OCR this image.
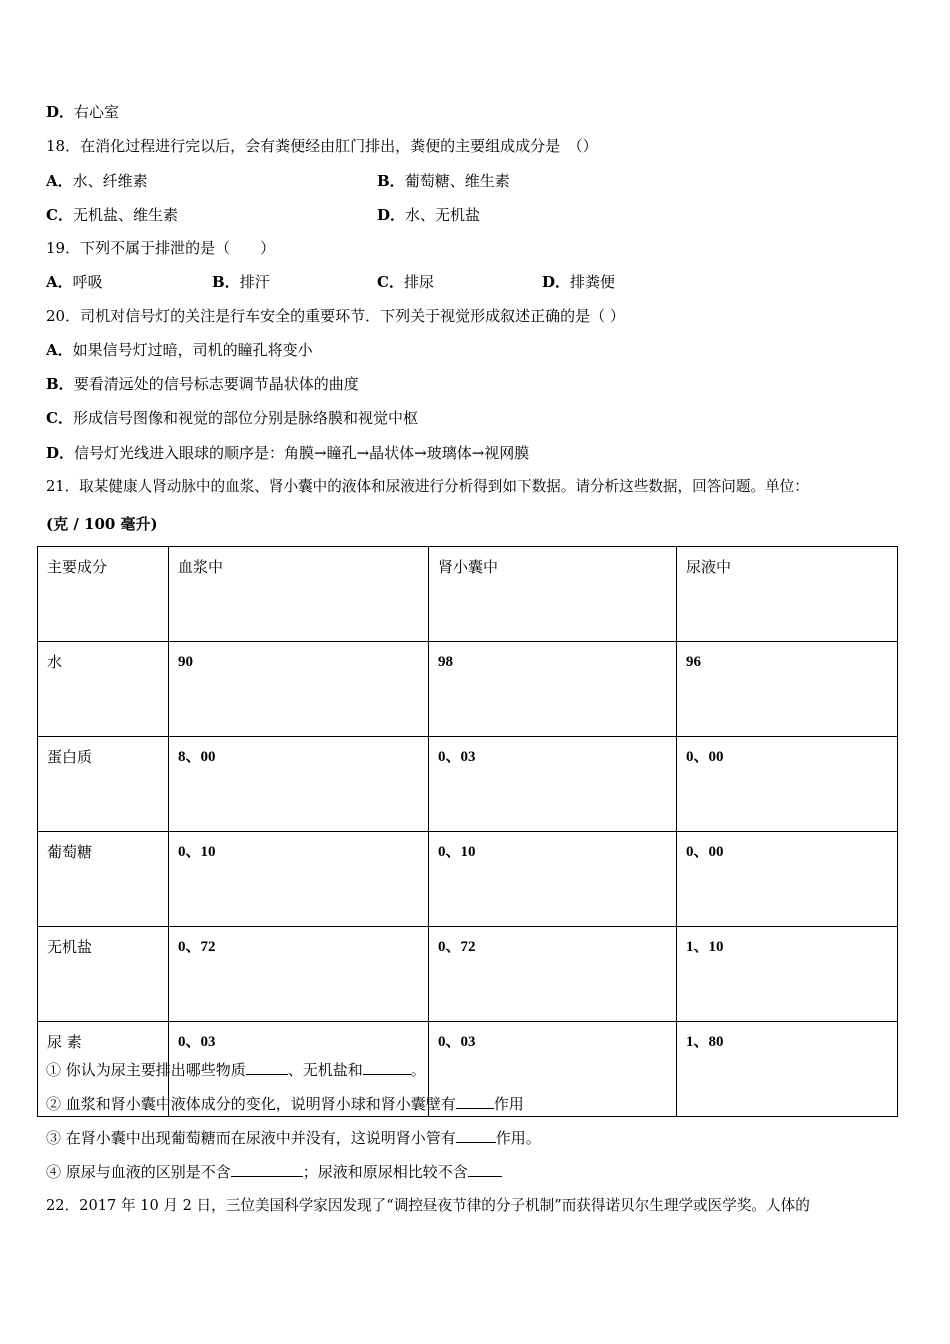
D．右心室
18．在消化过程进行完以后，会有粪便经由肛门排出，粪便的主要组成成分是　（）
A．水、纤维素	B．葡萄糖、维生素
C．无机盐、维生素	D．水、无机盐
19．下列不属于排泄的是（　　）
A．呼吸	B．排汗	C．排尿	D．排粪便
20．司机对信号灯的关注是行车安全的重要环节．下列关于视觉形成叙述正确的是（ ）
A．如果信号灯过暗，司机的瞳孔将变小
B．要看清远处的信号标志要调节晶状体的曲度
C．形成信号图像和视觉的部位分别是脉络膜和视觉中枢
D．信号灯光线进入眼球的顺序是：角膜→瞳孔→晶状体→玻璃体→视网膜
21．取某健康人肾动脉中的血浆、肾小囊中的液体和尿液进行分析得到如下数据。请分析这些数据，回答问题。单位：
(克 / 100 毫升)
主要成分	血浆中	肾小囊中	尿液中
水	90	98	96
蛋白质	8、00	0、03	0、00
葡萄糖	0、10	0、10	0、00
无机盐	0、72	0、72	1、10
尿 素	0、03	0、03	1、80
① 你认为尿主要排出哪些物质	、无机盐和	。
② 血浆和肾小囊中液体成分的变化，说明肾小球和肾小囊壁有	作用
③ 在肾小囊中出现葡萄糖而在尿液中并没有，这说明肾小管有	作用。
④ 原尿与血液的区别是不含	；尿液和原尿相比较不含
22．2017 年 10 月 2 日，三位美国科学家因发现了“调控昼夜节律的分子机制”而获得诺贝尔生理学或医学奖。人体的
